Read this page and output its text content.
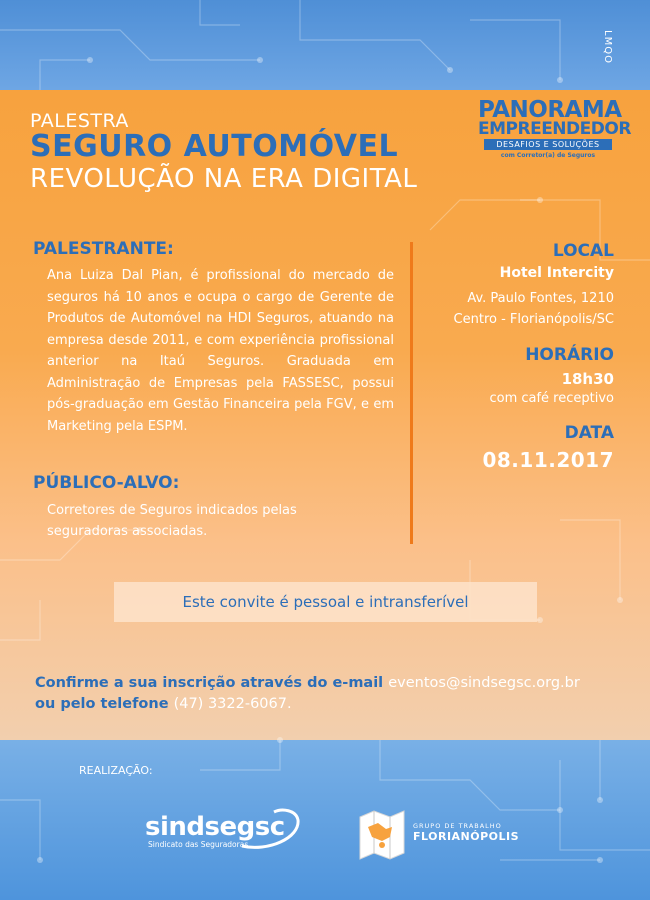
LMQO
PALESTRA
SEGURO AUTOMÓVEL
REVOLUÇÃO NA ERA DIGITAL
PANORAMA
EMPREENDEDOR
DESAFIOS E SOLUÇÕES
com Corretor(a) de Seguros
PALESTRANTE:
Ana Luiza Dal Pian, é profissional do mercado de seguros há 10 anos e ocupa o cargo de Gerente de Produtos de Automóvel na HDI Seguros, atuando na empresa desde 2011, e com experiência profissional anterior na Itaú Seguros. Graduada em Administração de Empresas pela FASSESC, possui pós-graduação em Gestão Financeira pela FGV, e em Marketing pela ESPM.
PÚBLICO-ALVO:
Corretores de Seguros indicados pelas seguradoras associadas.
LOCAL
Hotel Intercity
Av. Paulo Fontes, 1210
Centro - Florianópolis/SC
HORÁRIO
18h30
com café receptivo
DATA
08.11.2017
Este convite é pessoal e intransferível
Confirme a sua inscrição através do e-mail eventos@sindsegsc.org.br
ou pelo telefone (47) 3322-6067.
REALIZAÇÃO:
sindsegsc
Sindicato das Seguradoras
GRUPO DE TRABALHO
FLORIANÓPOLIS
